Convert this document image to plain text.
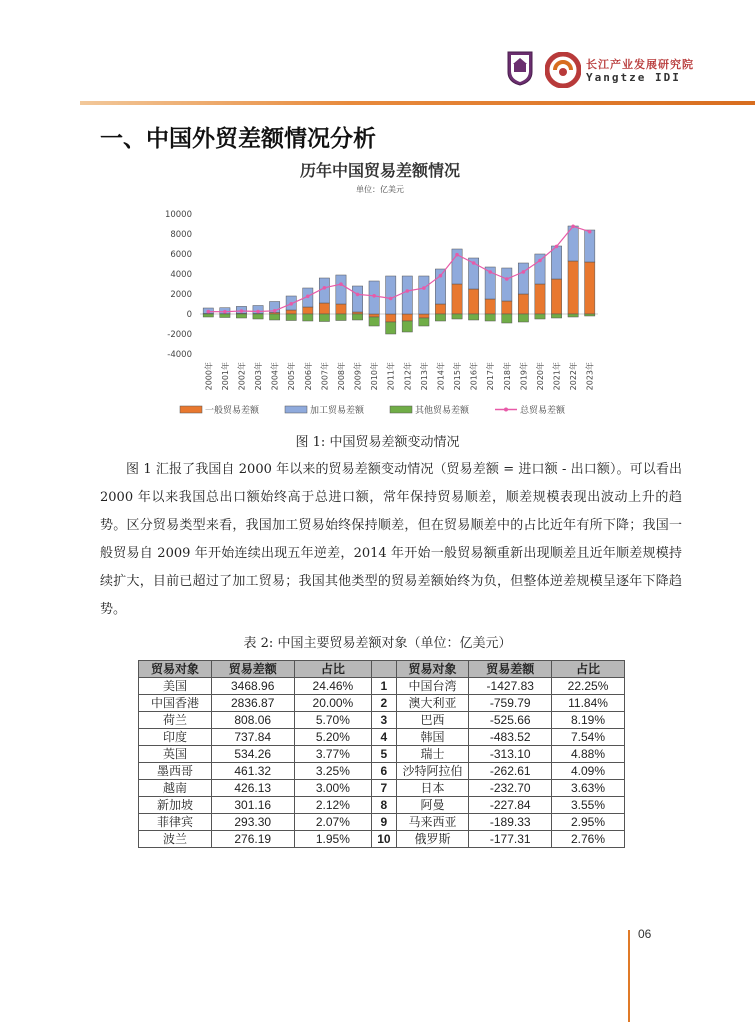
长江产业发展研究院
Yangtze IDI
一、中国外贸差额情况分析
历年中国贸易差额情况
单位：亿美元
10000
8000
6000
4000
2000
0
-2000
-4000
2000年 2001年 2002年 2003年 2004年 2005年 2006年 2007年 2008年 2009年 2010年 2011年 2012年 2013年 2014年 2015年 2016年 2017年 2018年 2019年 2020年 2021年 2022年 2023年
一般贸易差额	加工贸易差额	其他贸易差额	总贸易差额
图 1: 中国贸易差额变动情况
图 1 汇报了我国自 2000 年以来的贸易差额变动情况（贸易差额 = 进口额 - 出口额）。可以看出 2000 年以来我国总出口额始终高于总进口额，常年保持贸易顺差，顺差规模表现出波动上升的趋势。区分贸易类型来看，我国加工贸易始终保持顺差，但在贸易顺差中的占比近年有所下降；我国一般贸易自 2009 年开始连续出现五年逆差，2014 年开始一般贸易额重新出现顺差且近年顺差规模持续扩大，目前已超过了加工贸易；我国其他类型的贸易差额始终为负，但整体逆差规模呈逐年下降趋势。
表 2: 中国主要贸易差额对象（单位：亿美元）
贸易对象	贸易差额	占比		贸易对象	贸易差额	占比
美国	3468.96	24.46%	1	中国台湾	-1427.83	22.25%
中国香港	2836.87	20.00%	2	澳大利亚	-759.79	11.84%
荷兰	808.06	5.70%	3	巴西	-525.66	8.19%
印度	737.84	5.20%	4	韩国	-483.52	7.54%
英国	534.26	3.77%	5	瑞士	-313.10	4.88%
墨西哥	461.32	3.25%	6	沙特阿拉伯	-262.61	4.09%
越南	426.13	3.00%	7	日本	-232.70	3.63%
新加坡	301.16	2.12%	8	阿曼	-227.84	3.55%
菲律宾	293.30	2.07%	9	马来西亚	-189.33	2.95%
波兰	276.19	1.95%	10	俄罗斯	-177.31	2.76%
06
